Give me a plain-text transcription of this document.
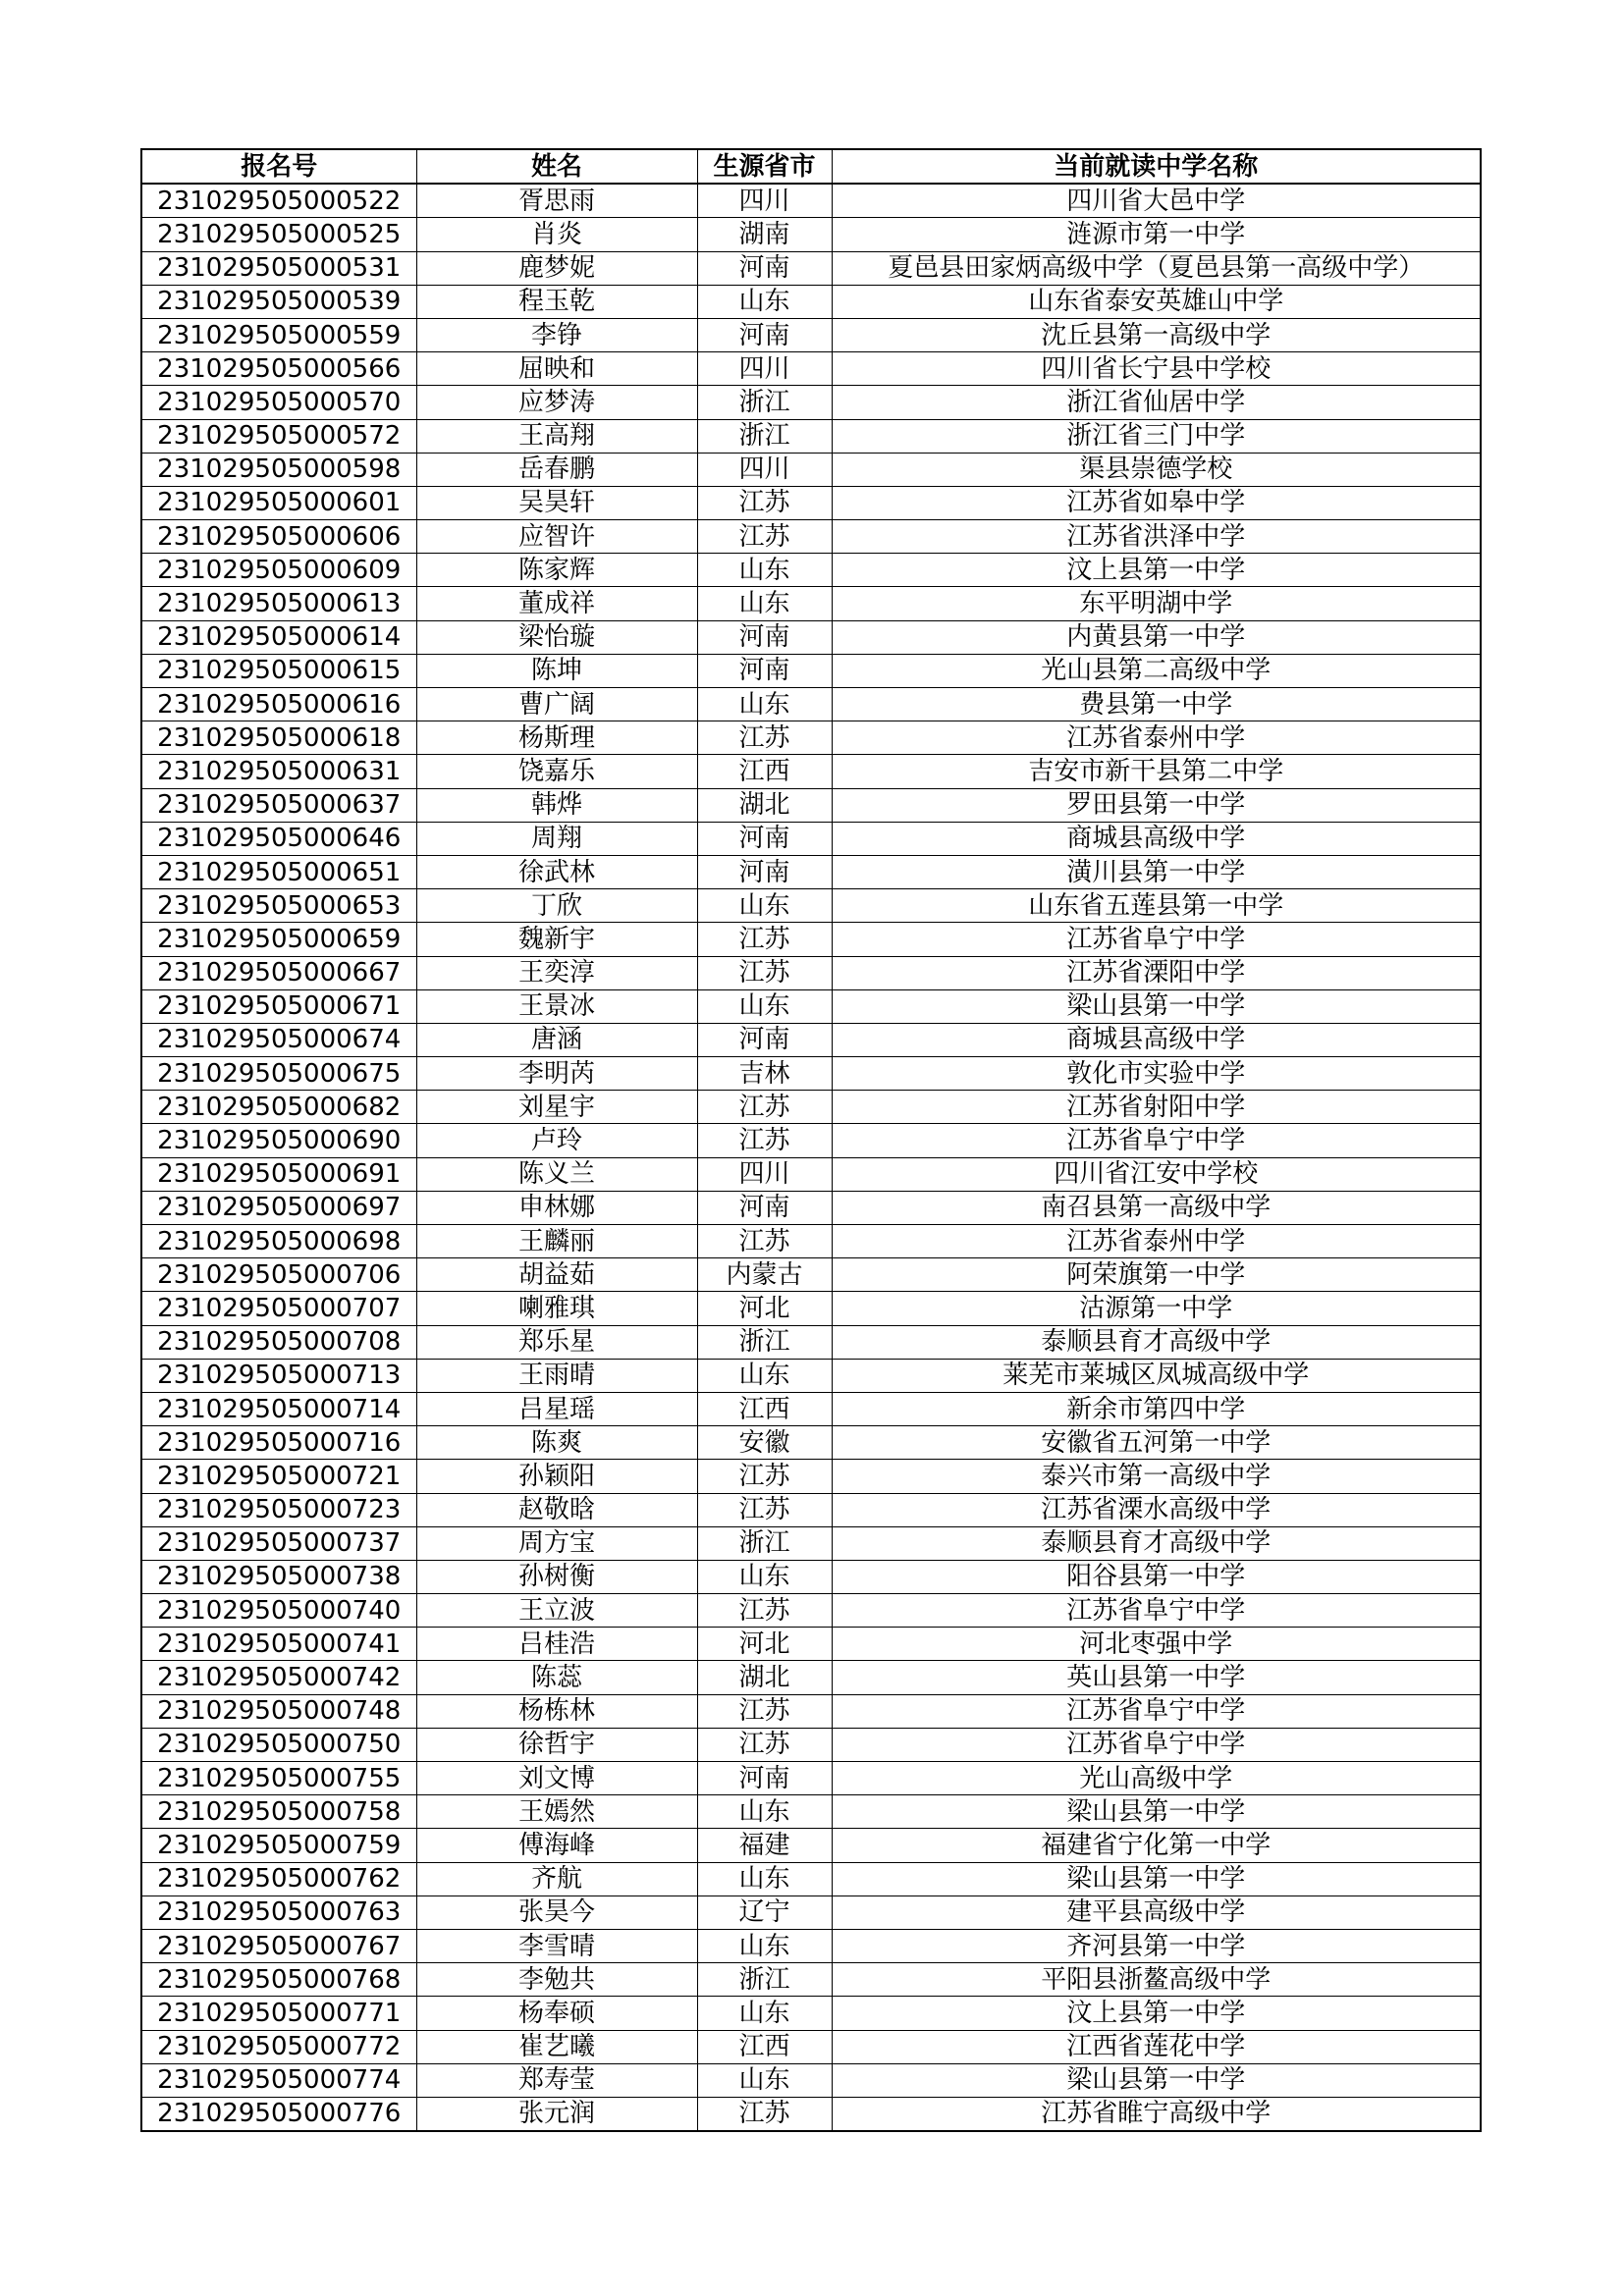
报名号	姓名	生源省市	当前就读中学名称
231029505000522	胥思雨	四川	四川省大邑中学
231029505000525	肖炎	湖南	涟源市第一中学
231029505000531	鹿梦妮	河南	夏邑县田家炳高级中学（夏邑县第一高级中学）
231029505000539	程玉乾	山东	山东省泰安英雄山中学
231029505000559	李铮	河南	沈丘县第一高级中学
231029505000566	屈映和	四川	四川省长宁县中学校
231029505000570	应梦涛	浙江	浙江省仙居中学
231029505000572	王高翔	浙江	浙江省三门中学
231029505000598	岳春鹏	四川	渠县崇德学校
231029505000601	吴昊轩	江苏	江苏省如皋中学
231029505000606	应智许	江苏	江苏省洪泽中学
231029505000609	陈家辉	山东	汶上县第一中学
231029505000613	董成祥	山东	东平明湖中学
231029505000614	梁怡璇	河南	内黄县第一中学
231029505000615	陈坤	河南	光山县第二高级中学
231029505000616	曹广阔	山东	费县第一中学
231029505000618	杨斯理	江苏	江苏省泰州中学
231029505000631	饶嘉乐	江西	吉安市新干县第二中学
231029505000637	韩烨	湖北	罗田县第一中学
231029505000646	周翔	河南	商城县高级中学
231029505000651	徐武林	河南	潢川县第一中学
231029505000653	丁欣	山东	山东省五莲县第一中学
231029505000659	魏新宇	江苏	江苏省阜宁中学
231029505000667	王奕淳	江苏	江苏省溧阳中学
231029505000671	王景冰	山东	梁山县第一中学
231029505000674	唐涵	河南	商城县高级中学
231029505000675	李明芮	吉林	敦化市实验中学
231029505000682	刘星宇	江苏	江苏省射阳中学
231029505000690	卢玲	江苏	江苏省阜宁中学
231029505000691	陈义兰	四川	四川省江安中学校
231029505000697	申林娜	河南	南召县第一高级中学
231029505000698	王麟丽	江苏	江苏省泰州中学
231029505000706	胡益茹	内蒙古	阿荣旗第一中学
231029505000707	喇雅琪	河北	沽源第一中学
231029505000708	郑乐星	浙江	泰顺县育才高级中学
231029505000713	王雨晴	山东	莱芜市莱城区凤城高级中学
231029505000714	吕星瑶	江西	新余市第四中学
231029505000716	陈爽	安徽	安徽省五河第一中学
231029505000721	孙颖阳	江苏	泰兴市第一高级中学
231029505000723	赵敬晗	江苏	江苏省溧水高级中学
231029505000737	周方宝	浙江	泰顺县育才高级中学
231029505000738	孙树衡	山东	阳谷县第一中学
231029505000740	王立波	江苏	江苏省阜宁中学
231029505000741	吕桂浩	河北	河北枣强中学
231029505000742	陈蕊	湖北	英山县第一中学
231029505000748	杨栋林	江苏	江苏省阜宁中学
231029505000750	徐哲宇	江苏	江苏省阜宁中学
231029505000755	刘文博	河南	光山高级中学
231029505000758	王嫣然	山东	梁山县第一中学
231029505000759	傅海峰	福建	福建省宁化第一中学
231029505000762	齐航	山东	梁山县第一中学
231029505000763	张昊今	辽宁	建平县高级中学
231029505000767	李雪晴	山东	齐河县第一中学
231029505000768	李勉共	浙江	平阳县浙鳌高级中学
231029505000771	杨奉硕	山东	汶上县第一中学
231029505000772	崔艺曦	江西	江西省莲花中学
231029505000774	郑寿莹	山东	梁山县第一中学
231029505000776	张元润	江苏	江苏省睢宁高级中学
